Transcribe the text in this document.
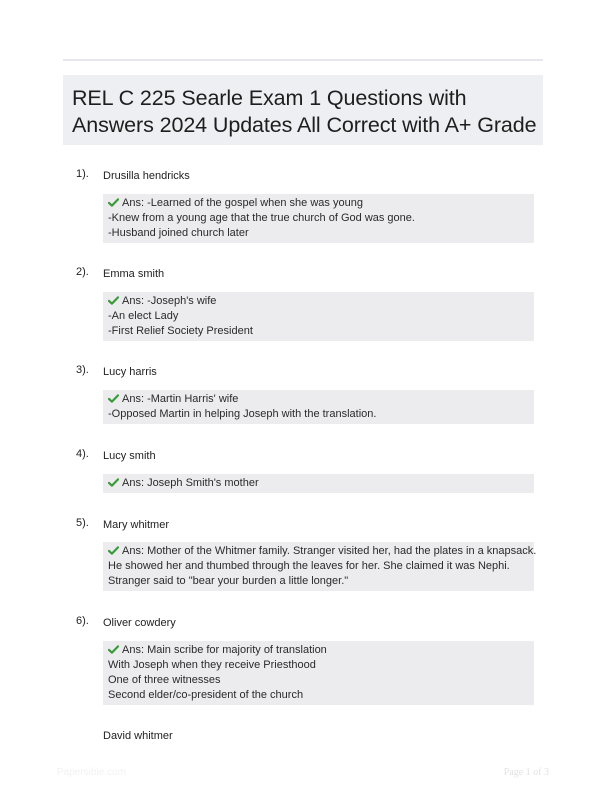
REL C 225 Searle Exam 1 Questions with
Answers 2024 Updates All Correct with A+ Grade
1). Drusilla hendricks
Ans: -Learned of the gospel when she was young
-Knew from a young age that the true church of God was gone.
-Husband joined church later
2). Emma smith
Ans: -Joseph's wife
-An elect Lady
-First Relief Society President
3). Lucy harris
Ans: -Martin Harris' wife
-Opposed Martin in helping Joseph with the translation.
4). Lucy smith
Ans: Joseph Smith's mother
5). Mary whitmer
Ans: Mother of the Whitmer family. Stranger visited her, had the plates in a knapsack.
He showed her and thumbed through the leaves for her. She claimed it was Nephi.
Stranger said to "bear your burden a little longer."
6). Oliver cowdery
Ans: Main scribe for majority of translation
With Joseph when they receive Priesthood
One of three witnesses
Second elder/co-president of the church
David whitmer
Papersible.com	Page 1 of 3
